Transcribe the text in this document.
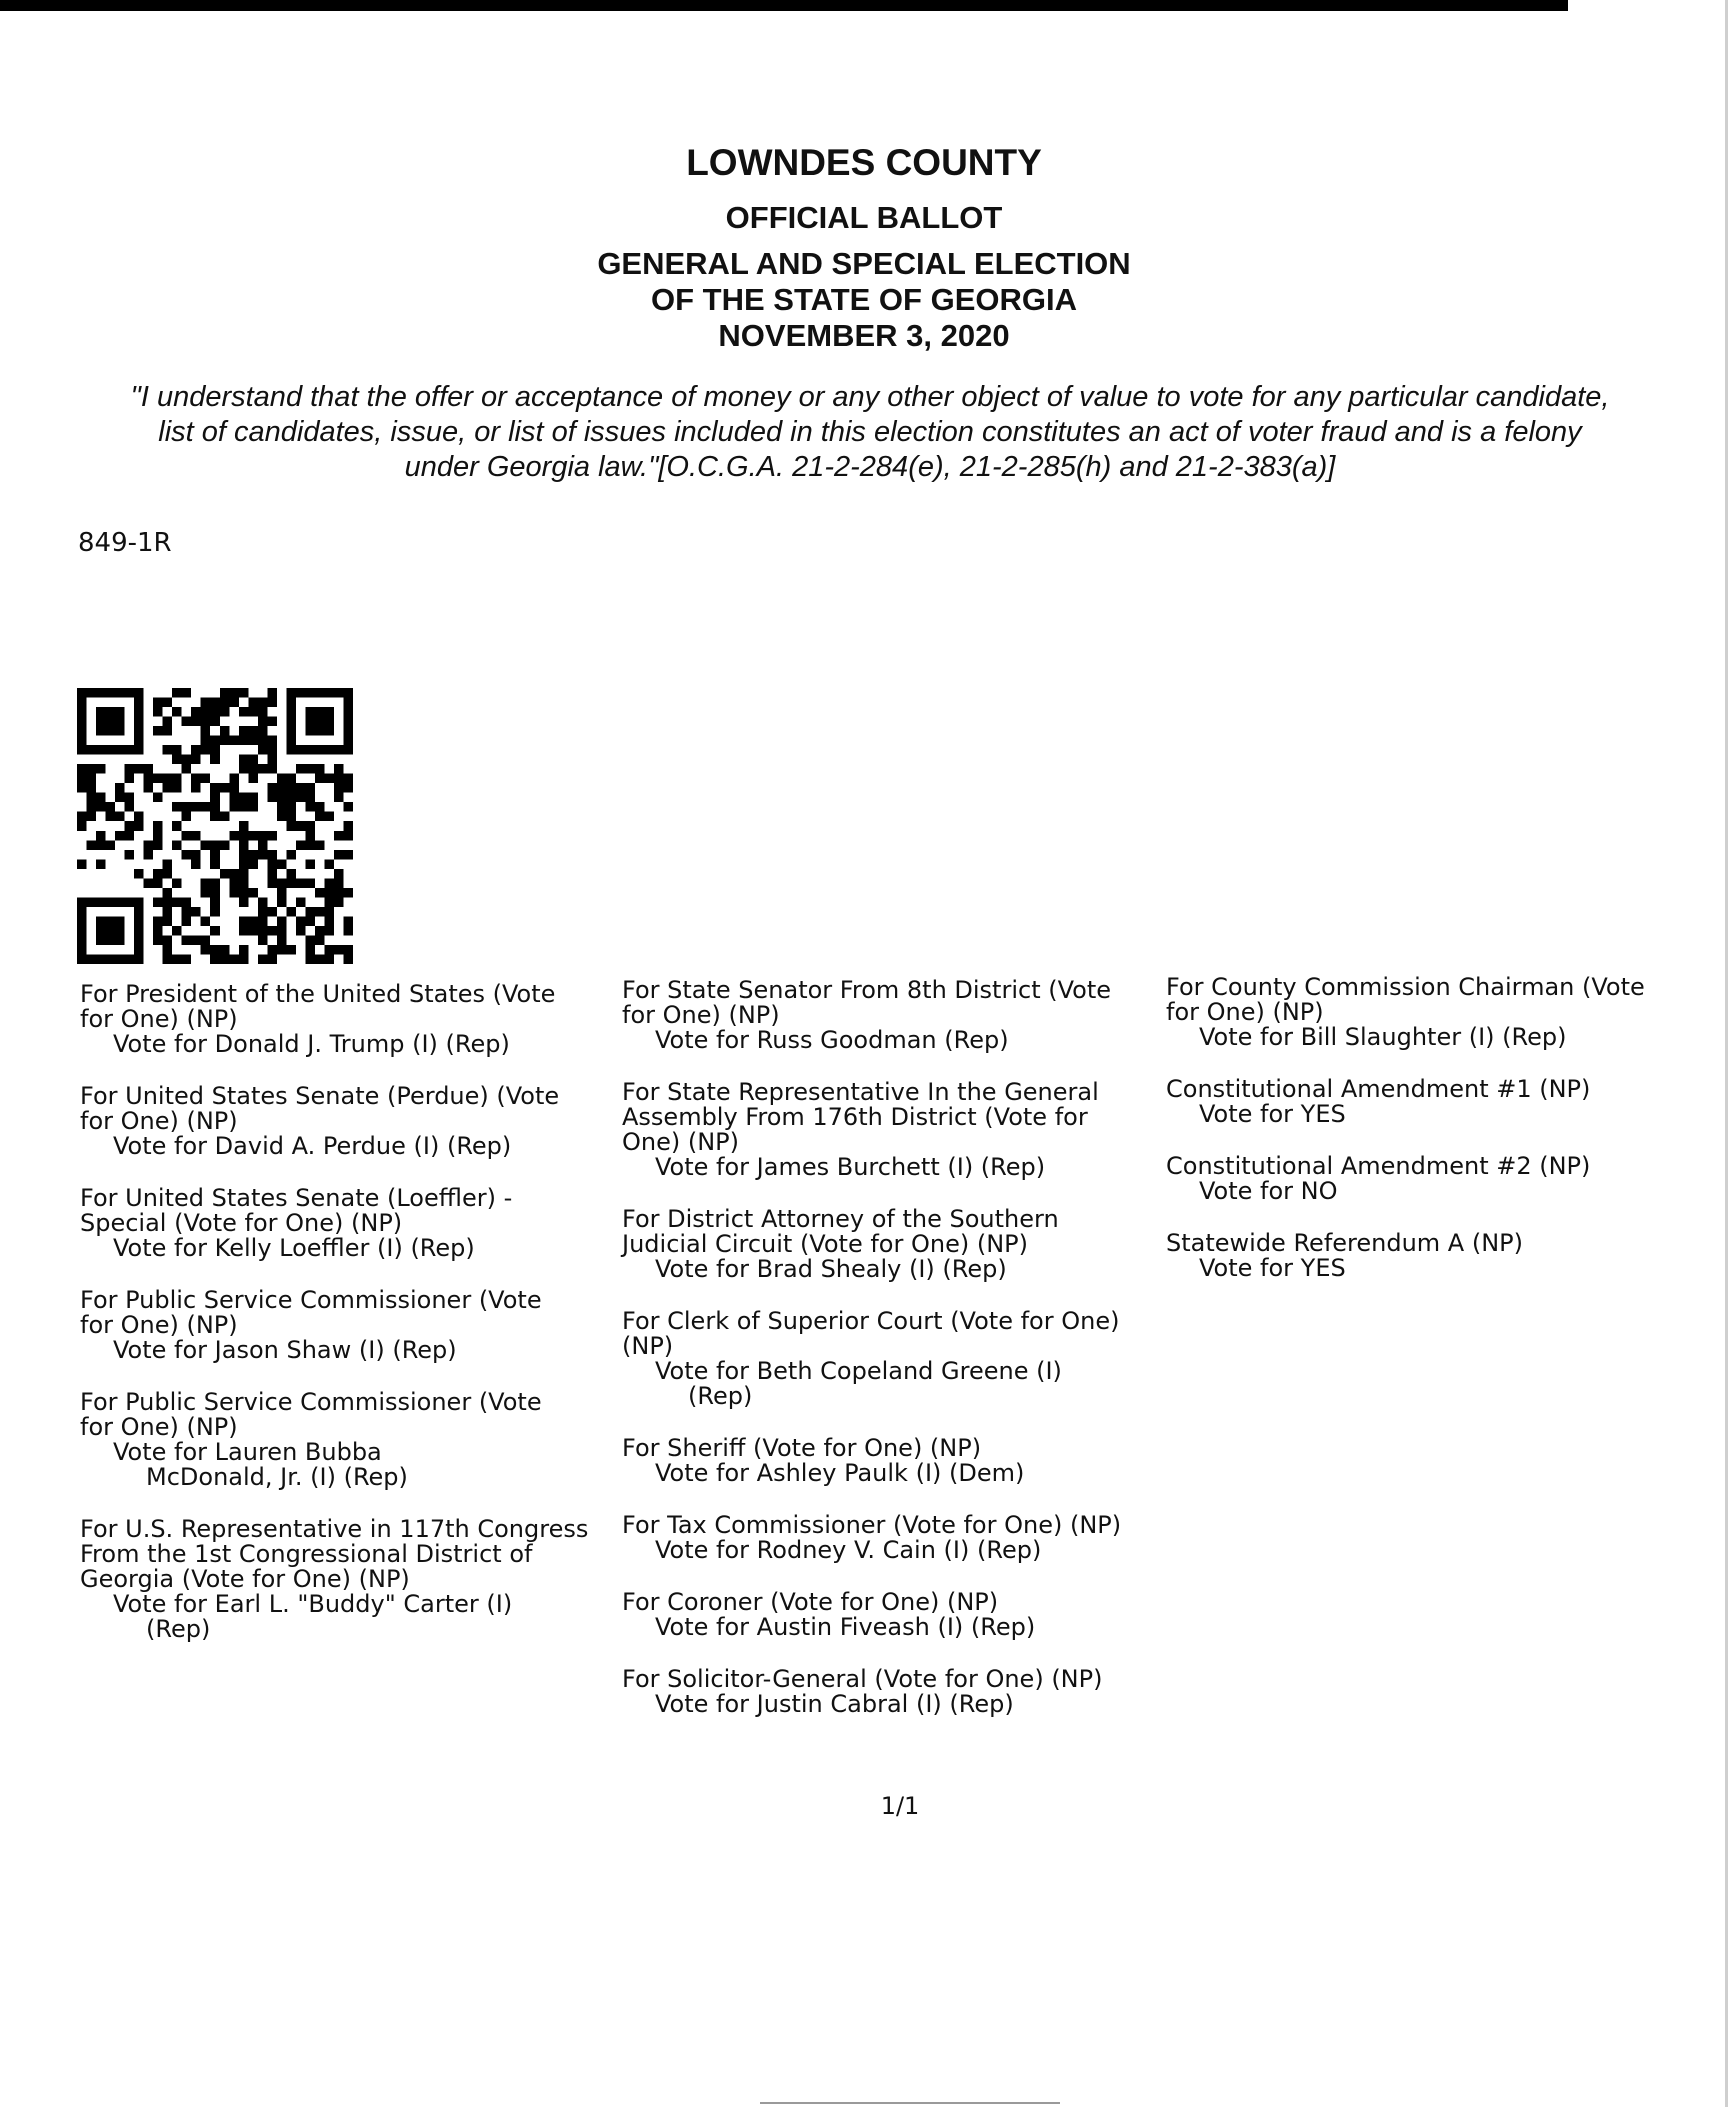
LOWNDES COUNTY
OFFICIAL BALLOT
GENERAL AND SPECIAL ELECTION
OF THE STATE OF GEORGIA
NOVEMBER 3, 2020
"I understand that the offer or acceptance of money or any other object of value to vote for any particular candidate,
list of candidates, issue, or list of issues included in this election constitutes an act of voter fraud and is a felony
under Georgia law."[O.C.G.A. 21-2-284(e), 21-2-285(h) and 21-2-383(a)]
849-1R
For President of the United States (Vote
for One) (NP)
Vote for Donald J. Trump (I) (Rep)
For United States Senate (Perdue) (Vote
for One) (NP)
Vote for David A. Perdue (I) (Rep)
For United States Senate (Loeffler) -
Special (Vote for One) (NP)
Vote for Kelly Loeffler (I) (Rep)
For Public Service Commissioner (Vote
for One) (NP)
Vote for Jason Shaw (I) (Rep)
For Public Service Commissioner (Vote
for One) (NP)
Vote for Lauren Bubba
McDonald, Jr. (I) (Rep)
For U.S. Representative in 117th Congress
From the 1st Congressional District of
Georgia (Vote for One) (NP)
Vote for Earl L. "Buddy" Carter (I)
(Rep)
For State Senator From 8th District (Vote
for One) (NP)
Vote for Russ Goodman (Rep)
For State Representative In the General
Assembly From 176th District (Vote for
One) (NP)
Vote for James Burchett (I) (Rep)
For District Attorney of the Southern
Judicial Circuit (Vote for One) (NP)
Vote for Brad Shealy (I) (Rep)
For Clerk of Superior Court (Vote for One)
(NP)
Vote for Beth Copeland Greene (I)
(Rep)
For Sheriff (Vote for One) (NP)
Vote for Ashley Paulk (I) (Dem)
For Tax Commissioner (Vote for One) (NP)
Vote for Rodney V. Cain (I) (Rep)
For Coroner (Vote for One) (NP)
Vote for Austin Fiveash (I) (Rep)
For Solicitor-General (Vote for One) (NP)
Vote for Justin Cabral (I) (Rep)
For County Commission Chairman (Vote
for One) (NP)
Vote for Bill Slaughter (I) (Rep)
Constitutional Amendment #1 (NP)
Vote for YES
Constitutional Amendment #2 (NP)
Vote for NO
Statewide Referendum A (NP)
Vote for YES
1/1
